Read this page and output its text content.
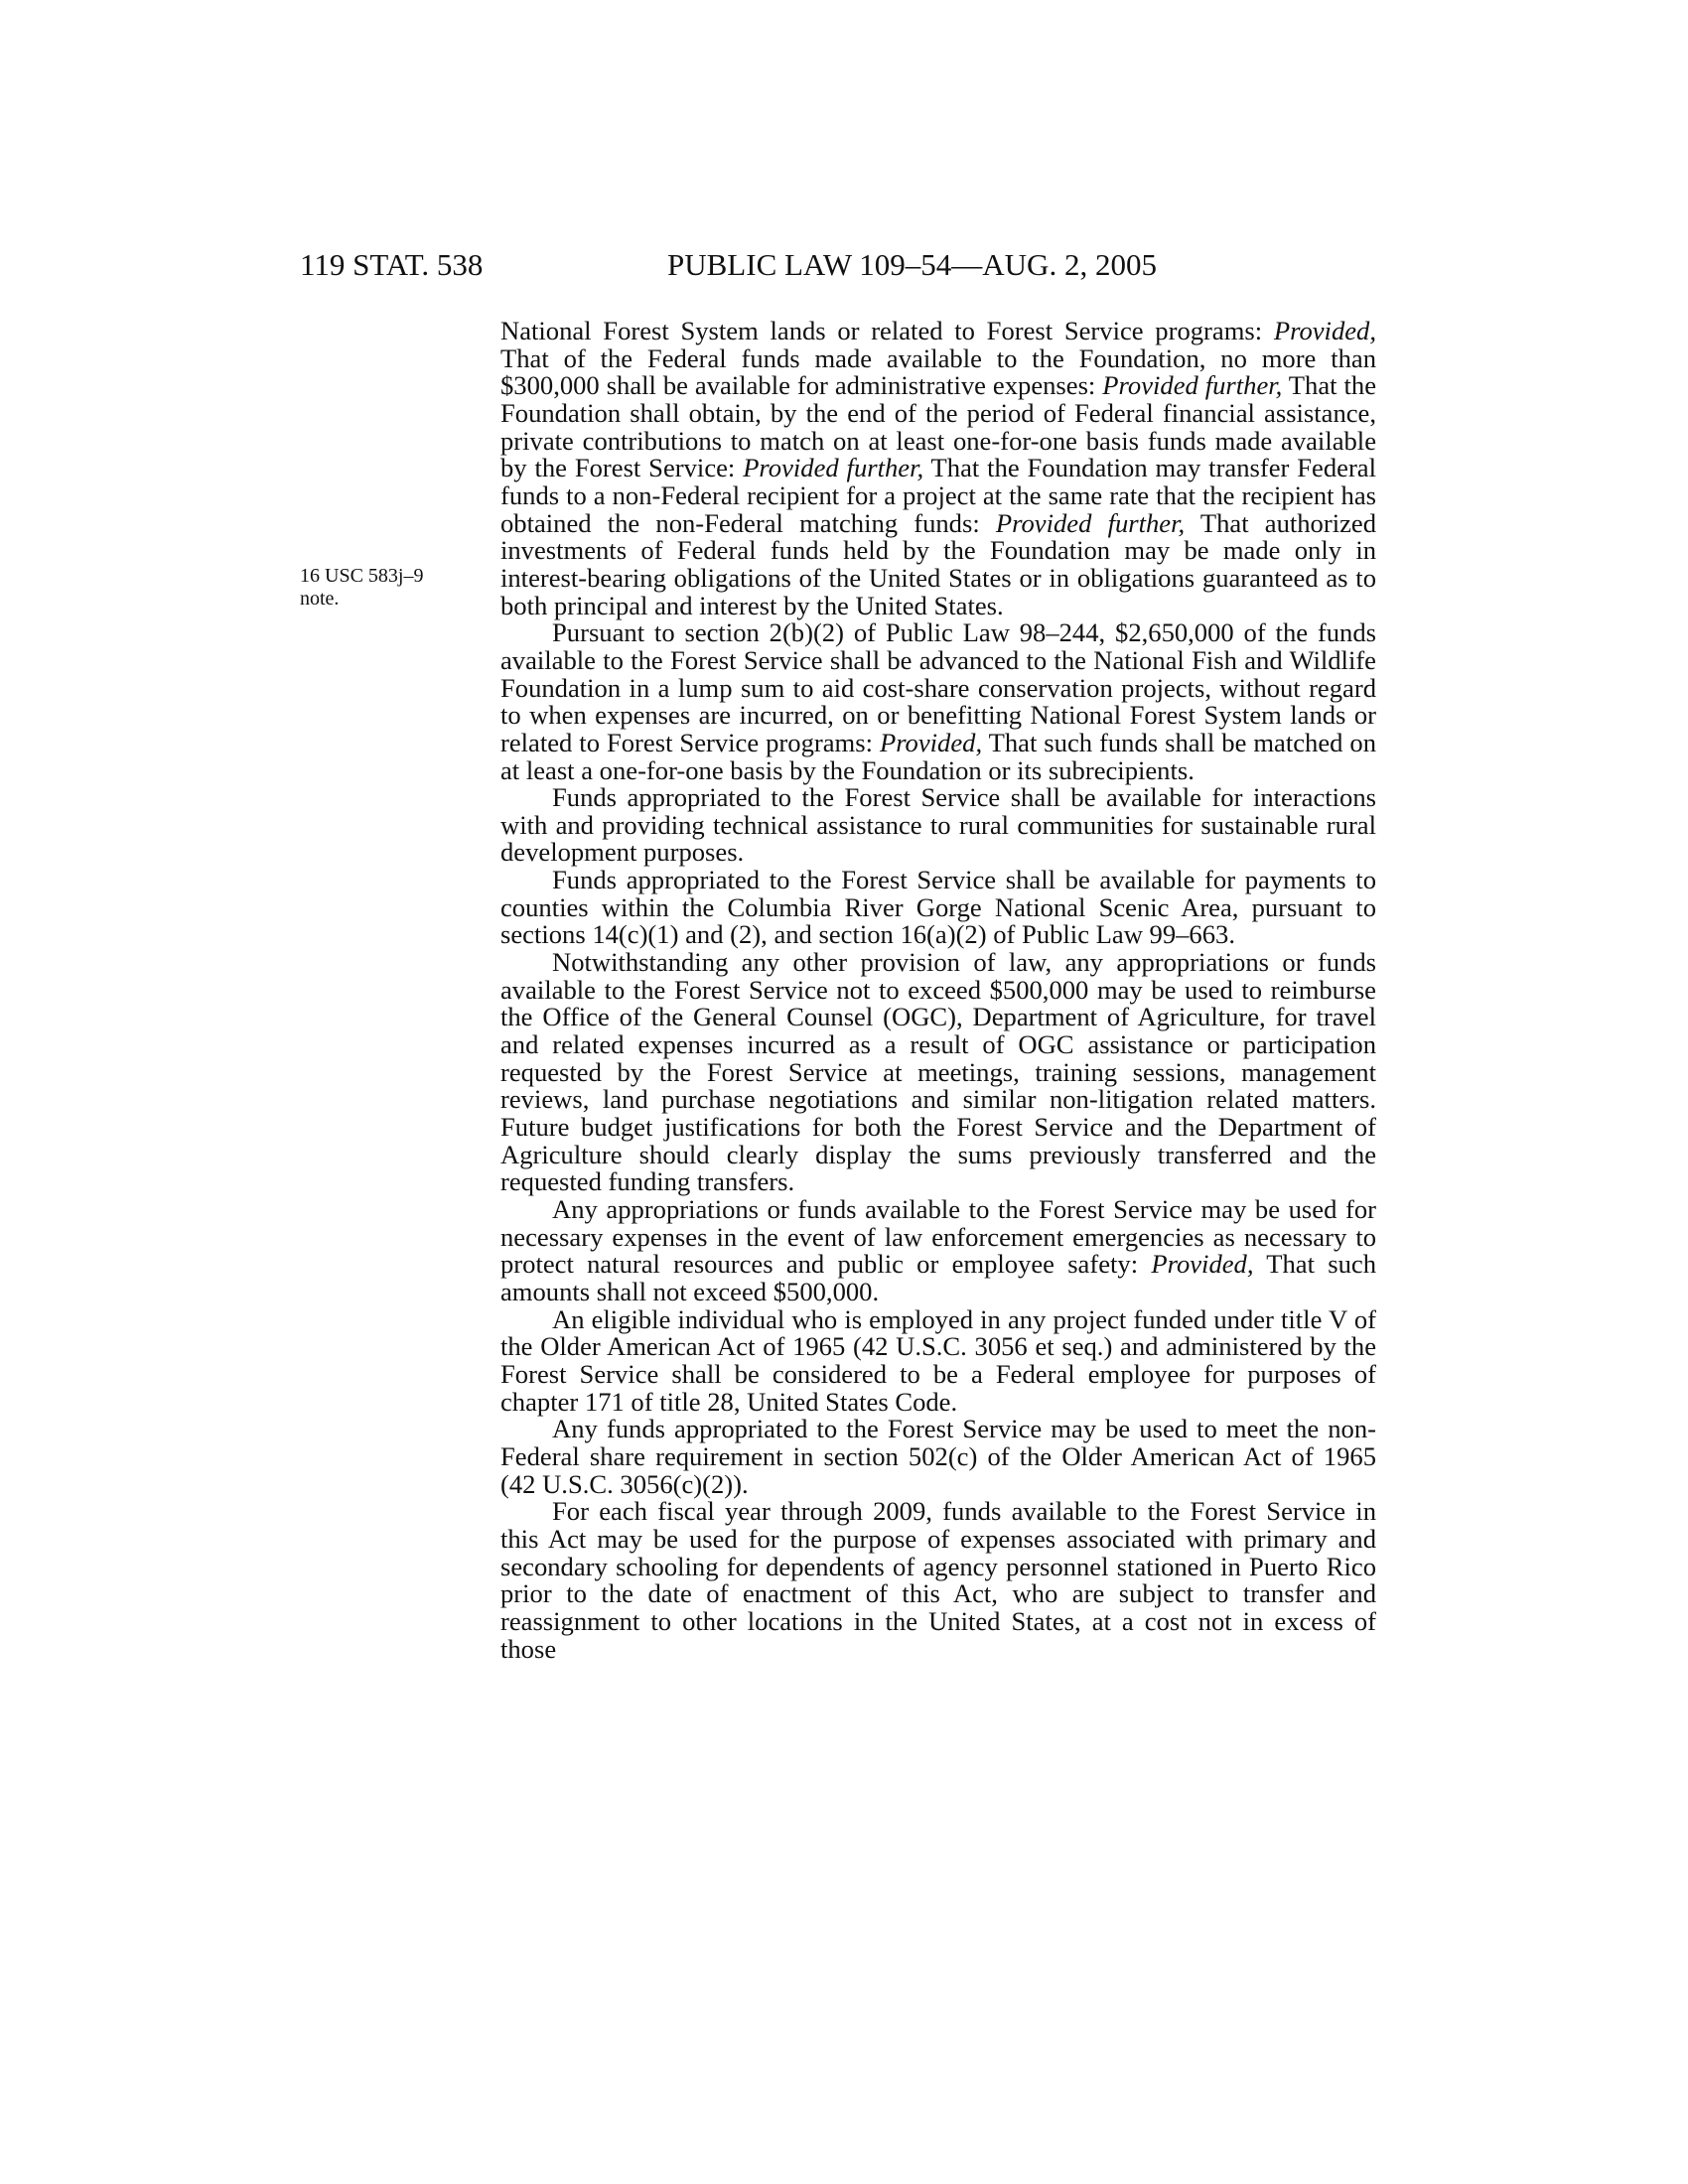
119 STAT. 538	PUBLIC LAW 109–54—AUG. 2, 2005
16 USC 583j–9
note.

National Forest System lands or related to Forest Service programs: Provided, That of the Federal funds made available to the Foundation, no more than $300,000 shall be available for administrative expenses: Provided further, That the Foundation shall obtain, by the end of the period of Federal financial assistance, private contributions to match on at least one-for-one basis funds made available by the Forest Service: Provided further, That the Foundation may transfer Federal funds to a non-Federal recipient for a project at the same rate that the recipient has obtained the non-Federal matching funds: Provided further, That authorized investments of Federal funds held by the Foundation may be made only in interest-bearing obligations of the United States or in obligations guaranteed as to both principal and interest by the United States.

Pursuant to section 2(b)(2) of Public Law 98–244, $2,650,000 of the funds available to the Forest Service shall be advanced to the National Fish and Wildlife Foundation in a lump sum to aid cost-share conservation projects, without regard to when expenses are incurred, on or benefitting National Forest System lands or related to Forest Service programs: Provided, That such funds shall be matched on at least a one-for-one basis by the Foundation or its subrecipients.

Funds appropriated to the Forest Service shall be available for interactions with and providing technical assistance to rural communities for sustainable rural development purposes.

Funds appropriated to the Forest Service shall be available for payments to counties within the Columbia River Gorge National Scenic Area, pursuant to sections 14(c)(1) and (2), and section 16(a)(2) of Public Law 99–663.

Notwithstanding any other provision of law, any appropriations or funds available to the Forest Service not to exceed $500,000 may be used to reimburse the Office of the General Counsel (OGC), Department of Agriculture, for travel and related expenses incurred as a result of OGC assistance or participation requested by the Forest Service at meetings, training sessions, management reviews, land purchase negotiations and similar non-litigation related matters. Future budget justifications for both the Forest Service and the Department of Agriculture should clearly display the sums previously transferred and the requested funding transfers.

Any appropriations or funds available to the Forest Service may be used for necessary expenses in the event of law enforcement emergencies as necessary to protect natural resources and public or employee safety: Provided, That such amounts shall not exceed $500,000.

An eligible individual who is employed in any project funded under title V of the Older American Act of 1965 (42 U.S.C. 3056 et seq.) and administered by the Forest Service shall be considered to be a Federal employee for purposes of chapter 171 of title 28, United States Code.

Any funds appropriated to the Forest Service may be used to meet the non-Federal share requirement in section 502(c) of the Older American Act of 1965 (42 U.S.C. 3056(c)(2)).

For each fiscal year through 2009, funds available to the Forest Service in this Act may be used for the purpose of expenses associated with primary and secondary schooling for dependents of agency personnel stationed in Puerto Rico prior to the date of enactment of this Act, who are subject to transfer and reassignment to other locations in the United States, at a cost not in excess of those
